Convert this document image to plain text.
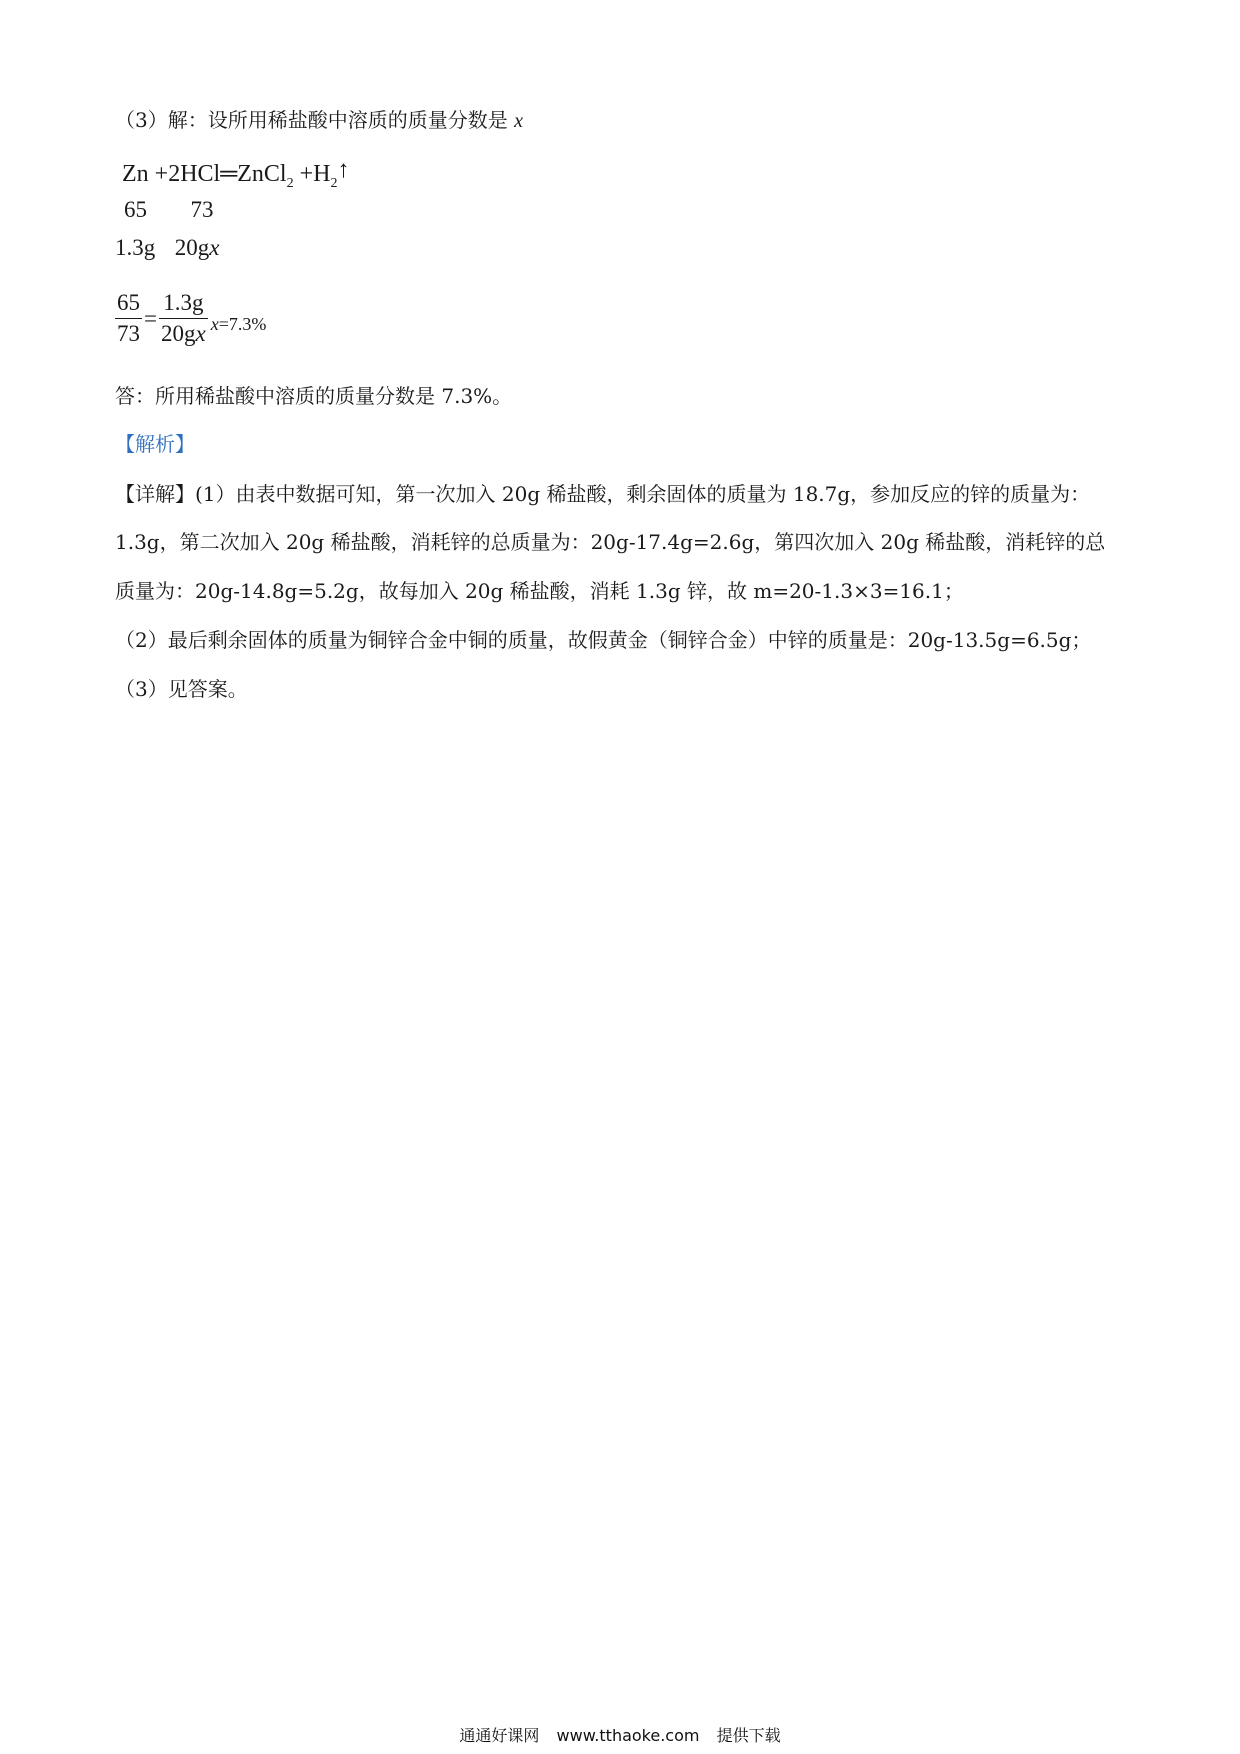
（3）解：设所用稀盐酸中溶质的质量分数是 x
Zn +2HCl═ZnCl$_2$ $+H_2↑$
65 73
1.3g 20gx
$\frac{65}{73} = \frac{1.3g}{20gx} x=7.3\%$
答：所用稀盐酸中溶质的质量分数是 7.3%。
【解析】
【详解】(1）由表中数据可知，第一次加入 20g 稀盐酸，剩余固体的质量为 18.7g，参加反应的锌的质量为：
1.3g，第二次加入 20g 稀盐酸，消耗锌的总质量为：20g-17.4g=2.6g，第四次加入 20g 稀盐酸，消耗锌的总
质量为：20g-14.8g=5.2g，故每加入 20g 稀盐酸，消耗 1.3g 锌，故 m=20-1.3×3=16.1；
（2）最后剩余固体的质量为铜锌合金中铜的质量，故假黄金（铜锌合金）中锌的质量是：20g-13.5g=6.5g；
（3）见答案。
通通好课网 www.tthaoke.com 提供下载
